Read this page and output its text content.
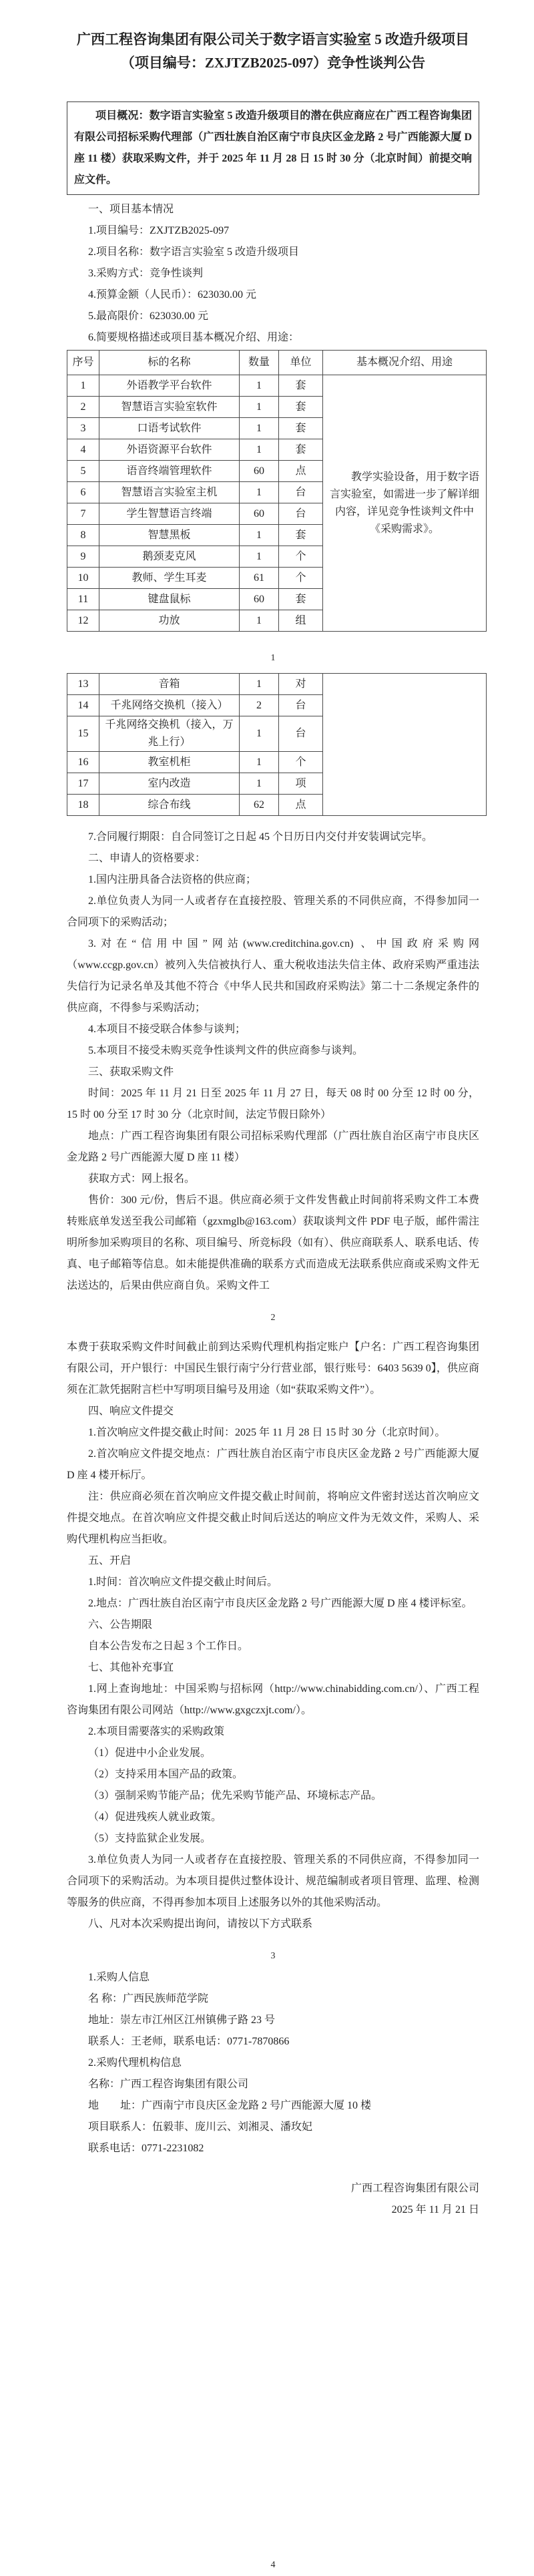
广西工程咨询集团有限公司关于数字语言实验室 5 改造升级项目
（项目编号：ZXJTZB2025-097）竞争性谈判公告

项目概况：数字语言实验室 5 改造升级项目的潜在供应商应在广西工程咨询集团有限公司招标采购代理部（广西壮族自治区南宁市良庆区金龙路 2 号广西能源大厦 D 座 11 楼）获取采购文件，并于 2025 年 11 月 28 日 15 时 30 分（北京时间）前提交响应文件。

一、项目基本情况

1.项目编号：ZXJTZB2025-097

2.项目名称：数字语言实验室 5 改造升级项目

3.采购方式：竞争性谈判

4.预算金额（人民币）：623030.00 元

5.最高限价：623030.00 元

6.简要规格描述或项目基本概况介绍、用途：

序号	标的名称	数量	单位	基本概况介绍、用途
1	外语教学平台软件	1	套	教学实验设备，用于数字语言实验室，如需进一步了解详细内容，详见竞争性谈判文件中《采购需求》。
2	智慧语言实验室软件	1	套	
3	口语考试软件	1	套	
4	外语资源平台软件	1	套	
5	语音终端管理软件	60	点	
6	智慧语言实验室主机	1	台	
7	学生智慧语言终端	60	台	
8	智慧黑板	1	套	
9	鹅颈麦克风	1	个	
10	教师、学生耳麦	61	个	
11	键盘鼠标	60	套	
12	功放	1	组	

1

13	音箱	1	对	
14	千兆网络交换机（接入）	2	台	
15	千兆网络交换机（接入，万兆上行）	1	台	
16	教室机柜	1	个	
17	室内改造	1	项	
18	综合布线	62	点	

7.合同履行期限：自合同签订之日起 45 个日历日内交付并安装调试完毕。

二、申请人的资格要求：

1.国内注册具备合法资格的供应商；

2.单位负责人为同一人或者存在直接控股、管理关系的不同供应商，不得参加同一合同项下的采购活动；

3.对在“信用中国”网站(www.creditchina.gov.cn) 、中国政府采购网（www.ccgp.gov.cn）被列入失信被执行人、重大税收违法失信主体、政府采购严重违法失信行为记录名单及其他不符合《中华人民共和国政府采购法》第二十二条规定条件的供应商，不得参与采购活动；

4.本项目不接受联合体参与谈判；

5.本项目不接受未购买竞争性谈判文件的供应商参与谈判。

三、获取采购文件

时间：2025 年 11 月 21 日至 2025 年 11 月 27 日，每天 08 时 00 分至 12 时 00 分，15 时 00 分至 17 时 30 分（北京时间，法定节假日除外）

地点：广西工程咨询集团有限公司招标采购代理部（广西壮族自治区南宁市良庆区金龙路 2 号广西能源大厦 D 座 11 楼）

获取方式：网上报名。

售价：300 元/份，售后不退。供应商必须于文件发售截止时间前将采购文件工本费转账底单发送至我公司邮箱（gzxmglb@163.com）获取谈判文件 PDF 电子版，邮件需注明所参加采购项目的名称、项目编号、所竞标段（如有）、供应商联系人、联系电话、传真、电子邮箱等信息。如未能提供准确的联系方式而造成无法联系供应商或采购文件无法送达的，后果由供应商自负。采购文件工

2

本费于获取采购文件时间截止前到达采购代理机构指定账户【户名：广西工程咨询集团有限公司，开户银行：中国民生银行南宁分行营业部，银行账号：6403 5639 0】，供应商须在汇款凭据附言栏中写明项目编号及用途（如“获取采购文件”）。

四、响应文件提交

1.首次响应文件提交截止时间：2025 年 11 月 28 日 15 时 30 分（北京时间）。

2.首次响应文件提交地点：广西壮族自治区南宁市良庆区金龙路 2 号广西能源大厦 D 座 4 楼开标厅。

注：供应商必须在首次响应文件提交截止时间前，将响应文件密封送达首次响应文件提交地点。在首次响应文件提交截止时间后送达的响应文件为无效文件，采购人、采购代理机构应当拒收。

五、开启

1.时间：首次响应文件提交截止时间后。

2.地点：广西壮族自治区南宁市良庆区金龙路 2 号广西能源大厦 D 座 4 楼评标室。

六、公告期限

自本公告发布之日起 3 个工作日。

七、其他补充事宜

1.网上查询地址：中国采购与招标网（http://www.chinabidding.com.cn/）、广西工程咨询集团有限公司网站（http://www.gxgczxjt.com/）。

2.本项目需要落实的采购政策

（1）促进中小企业发展。

（2）支持采用本国产品的政策。

（3）强制采购节能产品；优先采购节能产品、环境标志产品。

（4）促进残疾人就业政策。

（5）支持监狱企业发展。

3.单位负责人为同一人或者存在直接控股、管理关系的不同供应商，不得参加同一合同项下的采购活动。为本项目提供过整体设计、规范编制或者项目管理、监理、检测等服务的供应商，不得再参加本项目上述服务以外的其他采购活动。

八、凡对本次采购提出询问，请按以下方式联系

3

1.采购人信息

名 称：广西民族师范学院

地址：崇左市江州区江州镇佛子路 23 号

联系人：王老师，联系电话：0771-7870866

2.采购代理机构信息

名称：广西工程咨询集团有限公司

地　　址：广西南宁市良庆区金龙路 2 号广西能源大厦 10 楼

项目联系人：伍毅菲、庞川云、刘湘灵、潘玫妃

联系电话：0771-2231082

广西工程咨询集团有限公司

2025 年 11 月 21 日

4
